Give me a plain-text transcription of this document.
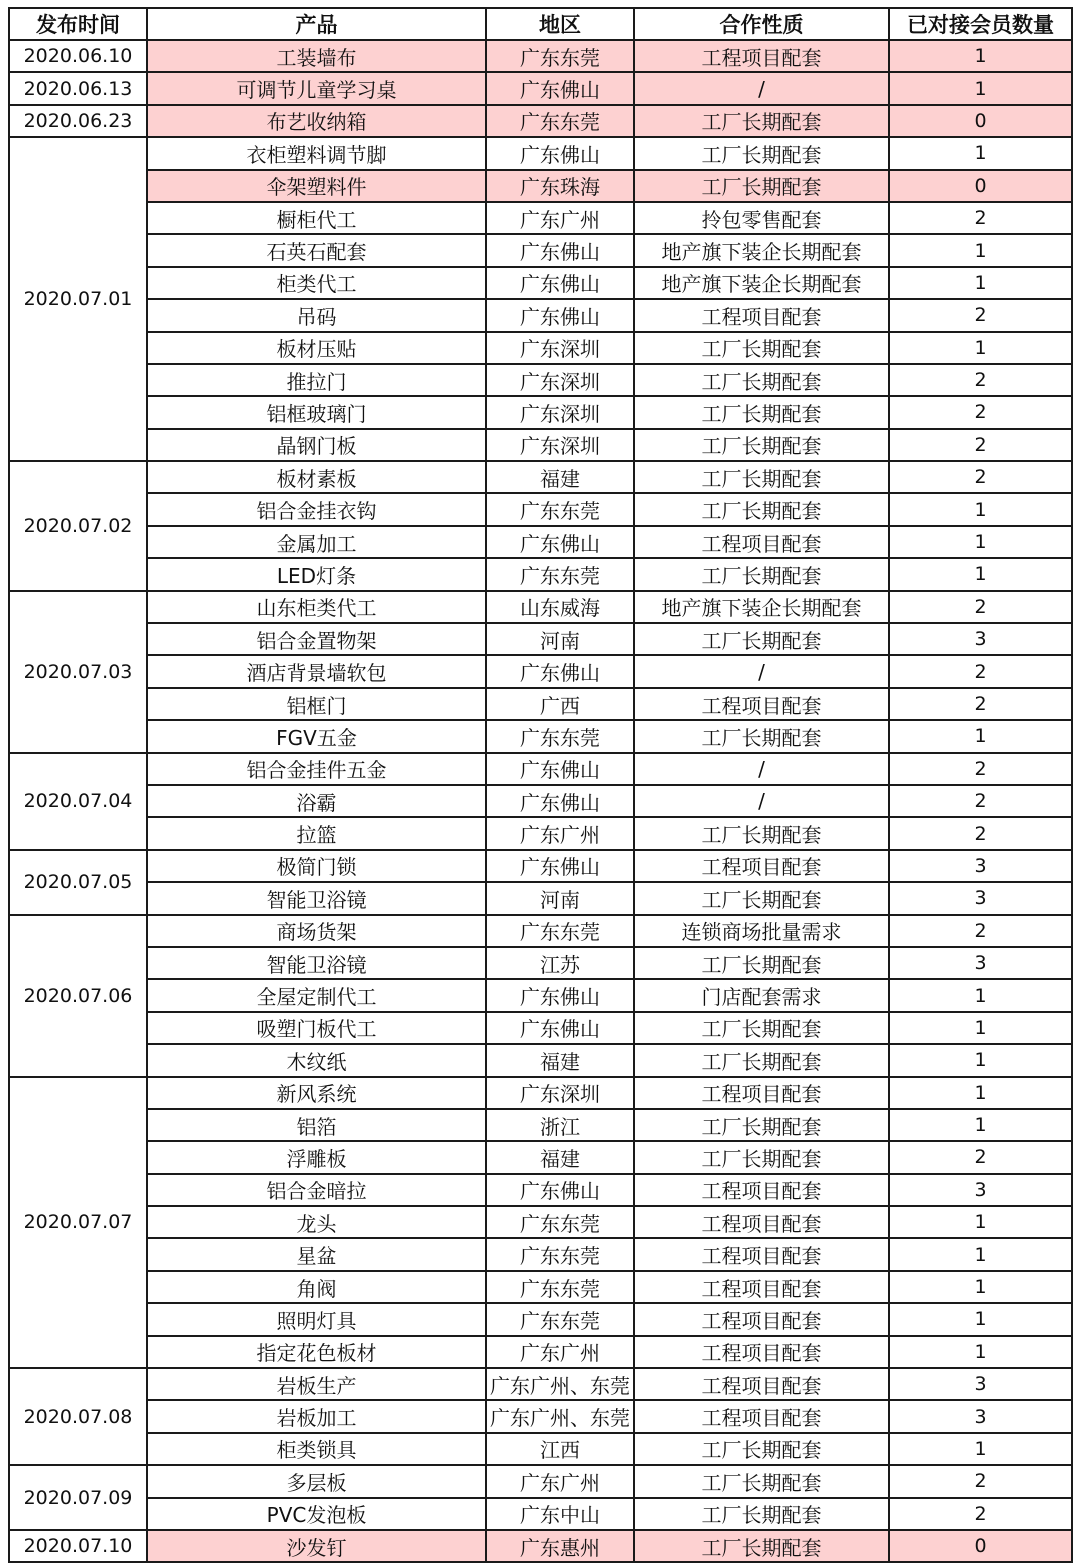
发布时间	产品	地区	合作性质	已对接会员数量
2020.06.10	工装墙布	广东东莞	工程项目配套	1
2020.06.13	可调节儿童学习桌	广东佛山	/	1
2020.06.23	布艺收纳箱	广东东莞	工厂长期配套	0
2020.07.01	衣柜塑料调节脚	广东佛山	工厂长期配套	1
	伞架塑料件	广东珠海	工厂长期配套	0
	橱柜代工	广东广州	拎包零售配套	2
	石英石配套	广东佛山	地产旗下装企长期配套	1
	柜类代工	广东佛山	地产旗下装企长期配套	1
	吊码	广东佛山	工程项目配套	2
	板材压贴	广东深圳	工厂长期配套	1
	推拉门	广东深圳	工厂长期配套	2
	铝框玻璃门	广东深圳	工厂长期配套	2
	晶钢门板	广东深圳	工厂长期配套	2
2020.07.02	板材素板	福建	工厂长期配套	2
	铝合金挂衣钩	广东东莞	工厂长期配套	1
	金属加工	广东佛山	工程项目配套	1
	LED灯条	广东东莞	工厂长期配套	1
2020.07.03	山东柜类代工	山东威海	地产旗下装企长期配套	2
	铝合金置物架	河南	工厂长期配套	3
	酒店背景墙软包	广东佛山	/	2
	铝框门	广西	工程项目配套	2
	FGV五金	广东东莞	工厂长期配套	1
2020.07.04	铝合金挂件五金	广东佛山	/	2
	浴霸	广东佛山	/	2
	拉篮	广东广州	工厂长期配套	2
2020.07.05	极简门锁	广东佛山	工程项目配套	3
	智能卫浴镜	河南	工厂长期配套	3
2020.07.06	商场货架	广东东莞	连锁商场批量需求	2
	智能卫浴镜	江苏	工厂长期配套	3
	全屋定制代工	广东佛山	门店配套需求	1
	吸塑门板代工	广东佛山	工厂长期配套	1
	木纹纸	福建	工厂长期配套	1
2020.07.07	新风系统	广东深圳	工程项目配套	1
	铝箔	浙江	工厂长期配套	1
	浮雕板	福建	工厂长期配套	2
	铝合金暗拉	广东佛山	工程项目配套	3
	龙头	广东东莞	工程项目配套	1
	星盆	广东东莞	工程项目配套	1
	角阀	广东东莞	工程项目配套	1
	照明灯具	广东东莞	工程项目配套	1
	指定花色板材	广东广州	工程项目配套	1
2020.07.08	岩板生产	广东广州、东莞	工程项目配套	3
	岩板加工	广东广州、东莞	工程项目配套	3
	柜类锁具	江西	工厂长期配套	1
2020.07.09	多层板	广东广州	工厂长期配套	2
	PVC发泡板	广东中山	工厂长期配套	2
2020.07.10	沙发钉	广东惠州	工厂长期配套	0
